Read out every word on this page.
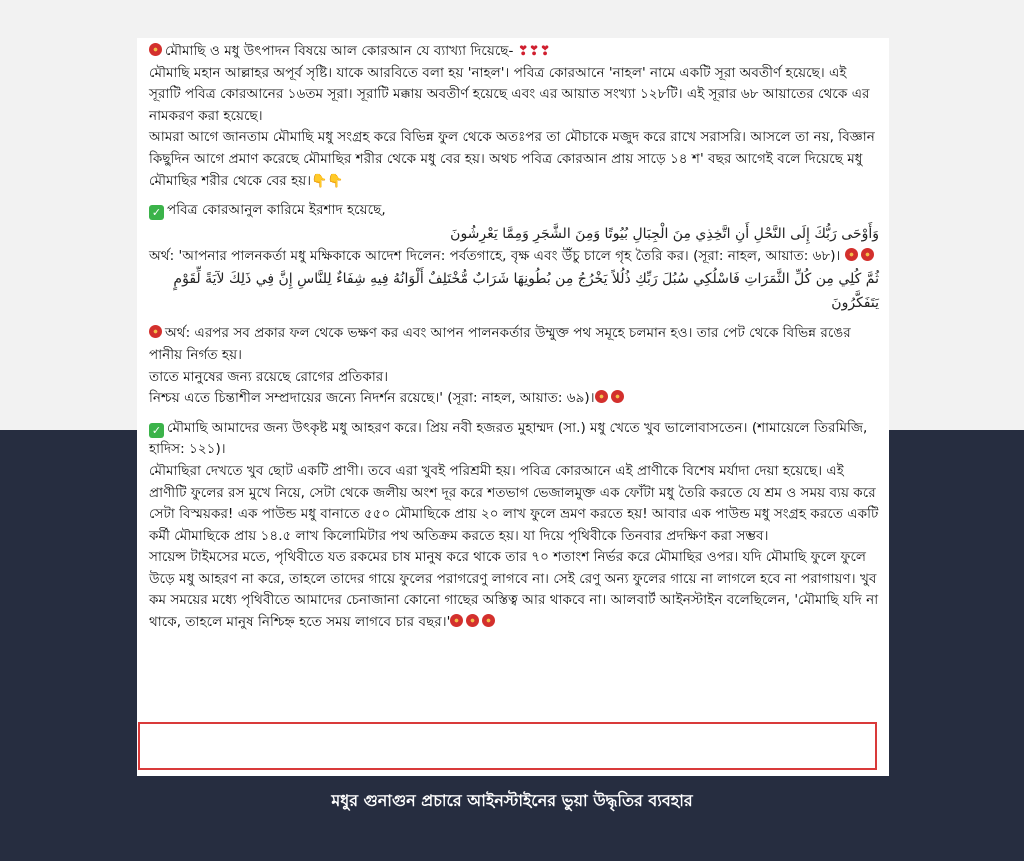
মৌমাছি ও মধু উৎপাদন বিষয়ে আল কোরআন যে ব্যাখ্যা দিয়েছে- ❣❣❣

মৌমাছি মহান আল্লাহর অপূর্ব সৃষ্টি। যাকে আরবিতে বলা হয় 'নাহল'। পবিত্র কোরআনে 'নাহল' নামে একটি সূরা অবতীর্ণ হয়েছে। এই সূরাটি পবিত্র কোরআনের ১৬তম সূরা। সূরাটি মক্কায় অবতীর্ণ হয়েছে এবং এর আয়াত সংখ্যা ১২৮টি। এই সূরার ৬৮ আয়াতের থেকে এর নামকরণ করা হয়েছে।

আমরা আগে জানতাম মৌমাছি মধু সংগ্রহ করে বিভিন্ন ফুল থেকে অতঃপর তা মৌচাকে মজুদ করে রাখে সরাসরি। আসলে তা নয়, বিজ্ঞান কিছুদিন আগে প্রমাণ করেছে মৌমাছির শরীর থেকে মধু বের হয়। অথচ পবিত্র কোরআন প্রায় সাড়ে ১৪ শ' বছর আগেই বলে দিয়েছে মধু মৌমাছির শরীর থেকে বের হয়।👇👇

✓ পবিত্র কোরআনুল কারিমে ইরশাদ হয়েছে,

وَأَوْحَى رَبُّكَ إِلَى النَّحْلِ أَنِ اتَّخِذِي مِنَ الْجِبَالِ بُيُوتًا وَمِنَ الشَّجَرِ وَمِمَّا يَعْرِشُونَ

অর্থ: 'আপনার পালনকর্তা মধু মক্ষিকাকে আদেশ দিলেন: পর্বতগাহে, বৃক্ষ এবং উঁচু চালে গৃহ তৈরি কর। (সূরা: নাহল, আয়াত: ৬৮)।

ثُمَّ كُلِي مِن كُلِّ الثَّمَرَاتِ فَاسْلُكِي سُبُلَ رَبِّكِ ذُلُلاً يَخْرُجُ مِن بُطُونِهَا شَرَابٌ مُّخْتَلِفٌ أَلْوَانُهُ فِيهِ شِفَاءٌ لِلنَّاسِ إِنَّ فِي ذَلِكَ لآيَةً لِّقَوْمٍ يَتَفَكَّرُونَ

অর্থ: এরপর সব প্রকার ফল থেকে ভক্ষণ কর এবং আপন পালনকর্তার উম্মুক্ত পথ সমূহে চলমান হও। তার পেট থেকে বিভিন্ন রঙের পানীয় নির্গত হয়।

তাতে মানুষের জন্য রয়েছে রোগের প্রতিকার।

নিশ্চয় এতে চিন্তাশীল সম্প্রদায়ের জন্যে নিদর্শন রয়েছে।' (সূরা: নাহল, আয়াত: ৬৯)।

✓ মৌমাছি আমাদের জন্য উৎকৃষ্ট মধু আহরণ করে। প্রিয় নবী হজরত মুহাম্মদ (সা.) মধু খেতে খুব ভালোবাসতেন। (শামায়েলে তিরমিজি, হাদিস: ১২১)।

মৌমাছিরা দেখতে খুব ছোট একটি প্রাণী। তবে এরা খুবই পরিশ্রমী হয়। পবিত্র কোরআনে এই প্রাণীকে বিশেষ মর্যাদা দেয়া হয়েছে। এই প্রাণীটি ফুলের রস মুখে নিয়ে, সেটা থেকে জলীয় অংশ দূর করে শতভাগ ভেজালমুক্ত এক ফোঁটা মধু তৈরি করতে যে শ্রম ও সময় ব্যয় করে সেটা বিস্ময়কর! এক পাউন্ড মধু বানাতে ৫৫০ মৌমাছিকে প্রায় ২০ লাখ ফুলে ভ্রমণ করতে হয়! আবার এক পাউন্ড মধু সংগ্রহ করতে একটি কর্মী মৌমাছিকে প্রায় ১৪.৫ লাখ কিলোমিটার পথ অতিক্রম করতে হয়। যা দিয়ে পৃথিবীকে তিনবার প্রদক্ষিণ করা সম্ভব।

সায়েন্স টাইমসের মতে, পৃথিবীতে যত রকমের চাষ মানুষ করে থাকে তার ৭০ শতাংশ নির্ভর করে মৌমাছির ওপর। যদি মৌমাছি ফুলে ফুলে উড়ে মধু আহরণ না করে, তাহলে তাদের গায়ে ফুলের পরাগরেণু লাগবে না। সেই রেণু অন্য ফুলের গায়ে না লাগলে হবে না পরাগায়ণ। খুব কম সময়ের মধ্যে পৃথিবীতে আমাদের চেনাজানা কোনো গাছের অস্তিত্ব আর থাকবে না। আলবার্ট আইনস্টাইন বলেছিলেন, 'মৌমাছি যদি না থাকে, তাহলে মানুষ নিশ্চিহ্ন হতে সময় লাগবে চার বছর।'

মধুর গুনাগুন প্রচারে আইনস্টাইনের ভুয়া উদ্ধৃতির ব্যবহার
